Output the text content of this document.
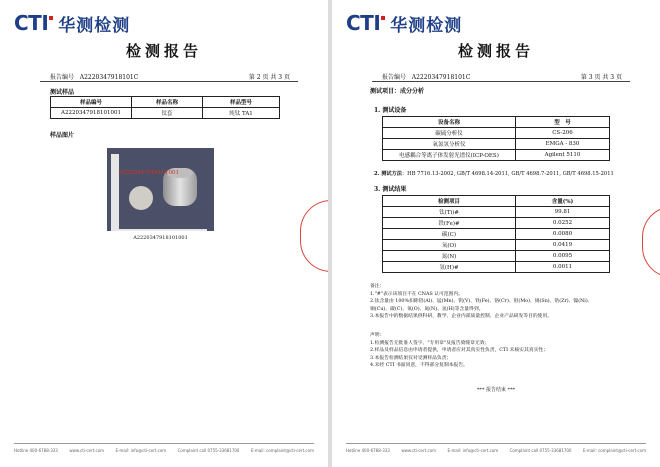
CTI 华测检测
检测报告
报告编号 A2220347918101C	第 2 页 共 3 页
测试样品
样品编号	样品名称	样品型号
A2220347918101001	钛套	纯钛 TA1
样品图片
A2220347918101001
A2220347918101001
Hotline 400-6788-333	www.cti-cert.com	E-mail: info@cti-cert.com	Complaint call 0755-33681700	E-mail: complaint@cti-cert.com
CTI 华测检测
检测报告
报告编号 A2220347918101C	第 3 页 共 3 页
测试项目：成分分析
1. 测试设备
设备名称	型　号
碳硫分析仪	CS-206
氧氮氢分析仪	EMGA - 830
电感耦合等离子体发射光谱仪(ICP-OES)	Agilent 5110
2. 测试方法：HB 7716.13-2002, GB/T 4698.14-2011, GB/T 4698.7-2011, GB/T 4698.15-2011
3. 测试结果
检测项目	含量(%)
钛(Ti)#	99.81
铁(Fe)#	0.0252
碳(C)	0.0080
氧(O)	0.0419
氮(N)	0.0095
氢(H)#	0.0011
备注：
1."#"表示该项目不在 CNAS 认可范围内。
2.钛含量由 100%扣除铝(Al)、锰(Mn)、钒(V)、铁(Fe)、铬(Cr)、钼(Mo)、锡(Sn)、锆(Zr)、镍(Ni)、
铜(Cu)、碳(C)、氧(O)、氮(N)、氢(H)等含量得到。
3.本报告中的数据结果供科研、教学、企业内部质量控制、企业产品研发等目的使用。
声明：
1.检测报告无批准人签字、"专用章"及报告骑缝章无效；
2.样品及样品信息由申请者提供，申请者应对其真实性负责，CTI 未核实其真实性；
3.本报告检测结果仅对受测样品负责；
4.未经 CTI 书面同意，不得部分复制本报告。
*** 报告结束 ***
Hotline 400-6788-333	www.cti-cert.com	E-mail: info@cti-cert.com	Complaint call 0755-33681700	E-mail: complaint@cti-cert.com
